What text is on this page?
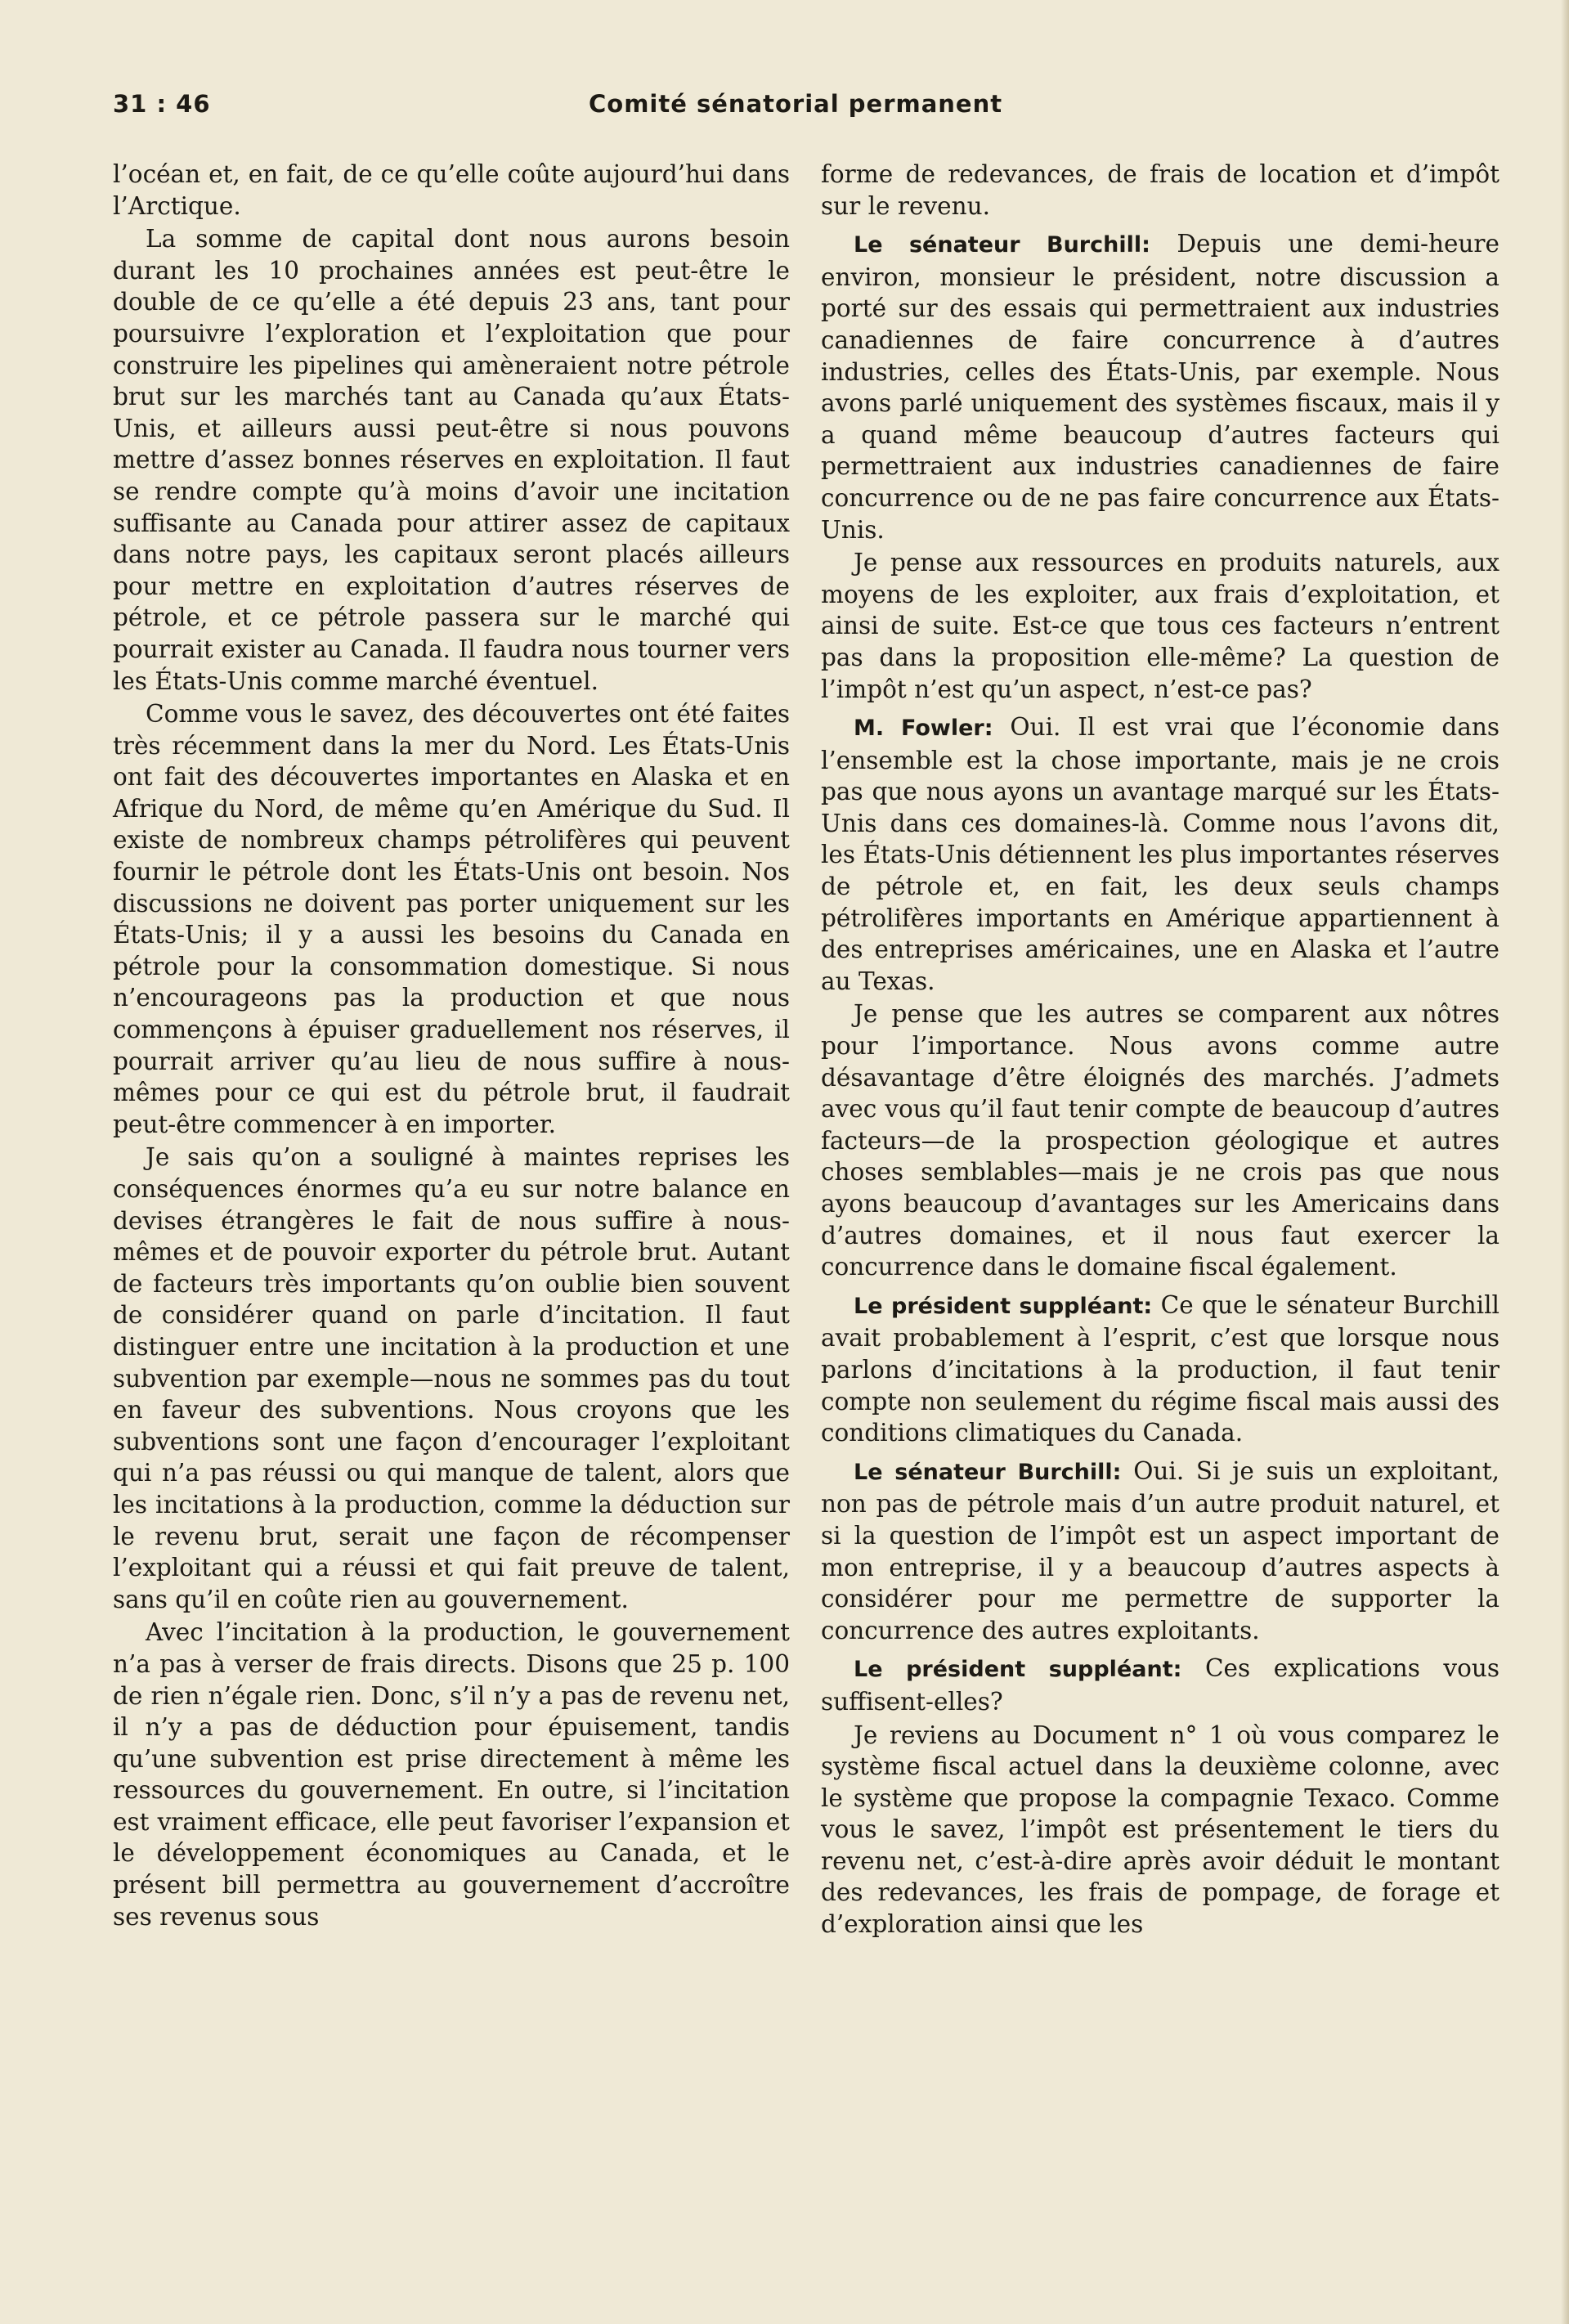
31 : 46	Comité sénatorial permanent

l’océan et, en fait, de ce qu’elle coûte aujourd’hui dans l’Arctique.

La somme de capital dont nous aurons besoin durant les 10 prochaines années est peut-être le double de ce qu’elle a été depuis 23 ans, tant pour poursuivre l’exploration et l’exploitation que pour construire les pipelines qui amèneraient notre pétrole brut sur les marchés tant au Canada qu’aux États-Unis, et ailleurs aussi peut-être si nous pouvons mettre d’assez bonnes réserves en exploitation. Il faut se rendre compte qu’à moins d’avoir une incitation suffisante au Canada pour attirer assez de capitaux dans notre pays, les capitaux seront placés ailleurs pour mettre en exploitation d’autres réserves de pétrole, et ce pétrole passera sur le marché qui pourrait exister au Canada. Il faudra nous tourner vers les États-Unis comme marché éventuel.

Comme vous le savez, des découvertes ont été faites très récemment dans la mer du Nord. Les États-Unis ont fait des découvertes importantes en Alaska et en Afrique du Nord, de même qu’en Amérique du Sud. Il existe de nombreux champs pétrolifères qui peuvent fournir le pétrole dont les États-Unis ont besoin. Nos discussions ne doivent pas porter uniquement sur les États-Unis; il y a aussi les besoins du Canada en pétrole pour la consommation domestique. Si nous n’encourageons pas la production et que nous commençons à épuiser graduellement nos réserves, il pourrait arriver qu’au lieu de nous suffire à nous-mêmes pour ce qui est du pétrole brut, il faudrait peut-être commencer à en importer.

Je sais qu’on a souligné à maintes reprises les conséquences énormes qu’a eu sur notre balance en devises étrangères le fait de nous suffire à nous-mêmes et de pouvoir exporter du pétrole brut. Autant de facteurs très importants qu’on oublie bien souvent de considérer quand on parle d’incitation. Il faut distinguer entre une incitation à la production et une subvention par exemple—nous ne sommes pas du tout en faveur des subventions. Nous croyons que les subventions sont une façon d’encourager l’exploitant qui n’a pas réussi ou qui manque de talent, alors que les incitations à la production, comme la déduction sur le revenu brut, serait une façon de récompenser l’exploitant qui a réussi et qui fait preuve de talent, sans qu’il en coûte rien au gouvernement.

Avec l’incitation à la production, le gouvernement n’a pas à verser de frais directs. Disons que 25 p. 100 de rien n’égale rien. Donc, s’il n’y a pas de revenu net, il n’y a pas de déduction pour épuisement, tandis qu’une subvention est prise directement à même les ressources du gouvernement. En outre, si l’incitation est vraiment efficace, elle peut favoriser l’expansion et le développement économiques au Canada, et le présent bill permettra au gouvernement d’accroître ses revenus sous

forme de redevances, de frais de location et d’impôt sur le revenu.

Le sénateur Burchill: Depuis une demi-heure environ, monsieur le président, notre discussion a porté sur des essais qui permettraient aux industries canadiennes de faire concurrence à d’autres industries, celles des États-Unis, par exemple. Nous avons parlé uniquement des systèmes fiscaux, mais il y a quand même beaucoup d’autres facteurs qui permettraient aux industries canadiennes de faire concurrence ou de ne pas faire concurrence aux États-Unis.

Je pense aux ressources en produits naturels, aux moyens de les exploiter, aux frais d’exploitation, et ainsi de suite. Est-ce que tous ces facteurs n’entrent pas dans la proposition elle-même? La question de l’impôt n’est qu’un aspect, n’est-ce pas?

M. Fowler: Oui. Il est vrai que l’économie dans l’ensemble est la chose importante, mais je ne crois pas que nous ayons un avantage marqué sur les États-Unis dans ces domaines-là. Comme nous l’avons dit, les États-Unis détiennent les plus importantes réserves de pétrole et, en fait, les deux seuls champs pétrolifères importants en Amérique appartiennent à des entreprises américaines, une en Alaska et l’autre au Texas.

Je pense que les autres se comparent aux nôtres pour l’importance. Nous avons comme autre désavantage d’être éloignés des marchés. J’admets avec vous qu’il faut tenir compte de beaucoup d’autres facteurs—de la prospection géologique et autres choses semblables—mais je ne crois pas que nous ayons beaucoup d’avantages sur les Americains dans d’autres domaines, et il nous faut exercer la concurrence dans le domaine fiscal également.

Le président suppléant: Ce que le sénateur Burchill avait probablement à l’esprit, c’est que lorsque nous parlons d’incitations à la production, il faut tenir compte non seulement du régime fiscal mais aussi des conditions climatiques du Canada.

Le sénateur Burchill: Oui. Si je suis un exploitant, non pas de pétrole mais d’un autre produit naturel, et si la question de l’impôt est un aspect important de mon entreprise, il y a beaucoup d’autres aspects à considérer pour me permettre de supporter la concurrence des autres exploitants.

Le président suppléant: Ces explications vous suffisent-elles?

Je reviens au Document n° 1 où vous comparez le système fiscal actuel dans la deuxième colonne, avec le système que propose la compagnie Texaco. Comme vous le savez, l’impôt est présentement le tiers du revenu net, c’est-à-dire après avoir déduit le montant des redevances, les frais de pompage, de forage et d’exploration ainsi que les
